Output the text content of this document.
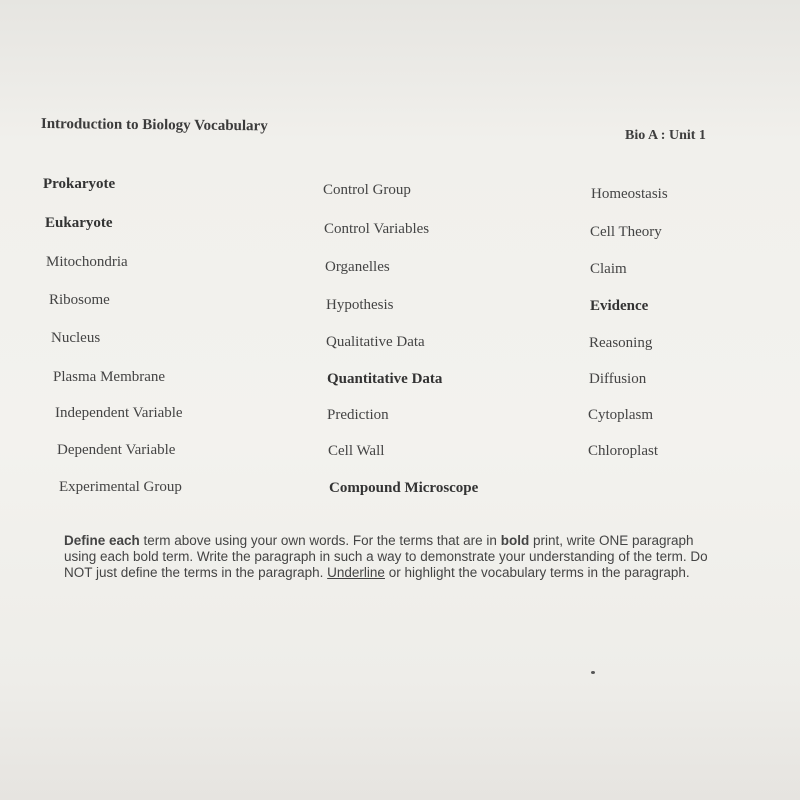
Introduction to Biology Vocabulary
Bio A : Unit 1
Prokaryote
Eukaryote
Mitochondria
Ribosome
Nucleus
Plasma Membrane
Independent Variable
Dependent Variable
Experimental Group
Control Group
Control Variables
Organelles
Hypothesis
Qualitative Data
Quantitative Data
Prediction
Cell Wall
Compound Microscope
Homeostasis
Cell Theory
Claim
Evidence
Reasoning
Diffusion
Cytoplasm
Chloroplast
Define each term above using your own words. For the terms that are in bold print, write ONE paragraph using each bold term. Write the paragraph in such a way to demonstrate your understanding of the term. Do NOT just define the terms in the paragraph. Underline or highlight the vocabulary terms in the paragraph.
